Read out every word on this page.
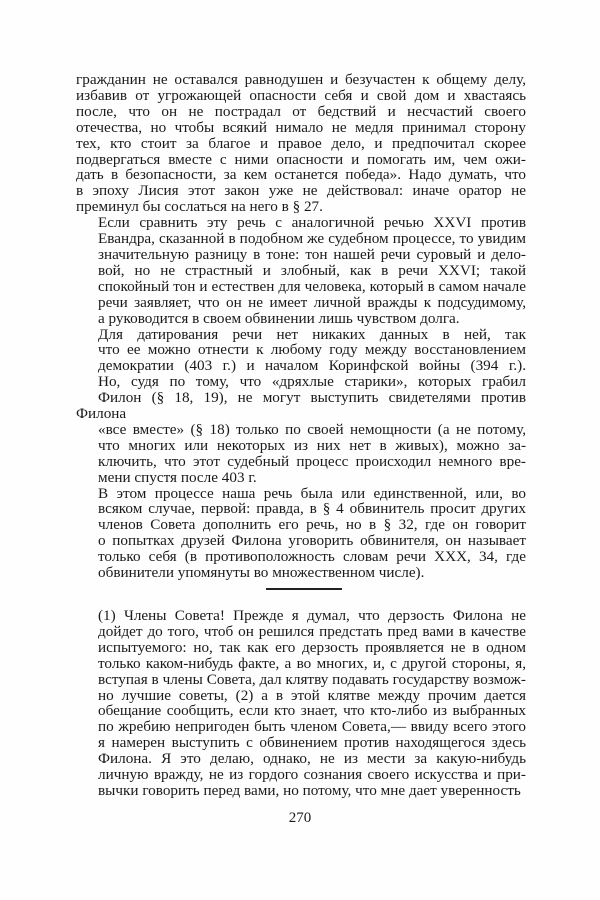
гражданин не оставался равнодушен и безучастен к общему делу,
избавив от угрожающей опасности себя и свой дом и хвастаясь
после, что он не пострадал от бедствий и несчастий своего
отечества, но чтобы всякий нимало не медля принимал сторону
тех, кто стоит за благое и правое дело, и предпочитал скорее
подвергаться вместе с ними опасности и помогать им, чем ожи-
дать в безопасности, за кем останется победа». Надо думать, что
в эпоху Лисия этот закон уже не действовал: иначе оратор не
преминул бы сослаться на него в § 27.

Если сравнить эту речь с аналогичной речью XXVI против
Евандра, сказанной в подобном же судебном процессе, то увидим
значительную разницу в тоне: тон нашей речи суровый и дело-
вой, но не страстный и злобный, как в речи XXVI; такой
спокойный тон и естествен для человека, который в самом начале
речи заявляет, что он не имеет личной вражды к подсудимому,
а руководится в своем обвинении лишь чувством долга.

Для датирования речи нет никаких данных в ней, так
что ее можно отнести к любому году между восстановлением
демократии (403 г.) и началом Коринфской войны (394 г.).
Но, судя по тому, что «дряхлые старики», которых грабил
Филон (§ 18, 19), не могут выступить свидетелями против Филона
«все вместе» (§ 18) только по своей немощности (а не потому,
что многих или некоторых из них нет в живых), можно за-
ключить, что этот судебный процесс происходил немного вре-
мени спустя после 403 г.

В этом процессе наша речь была или единственной, или, во
всяком случае, первой: правда, в § 4 обвинитель просит других
членов Совета дополнить его речь, но в § 32, где он говорит
о попытках друзей Филона уговорить обвинителя, он называет
только себя (в противоположность словам речи XXX, 34, где
обвинители упомянуты во множественном числе).

(1) Члены Совета! Прежде я думал, что дерзость Филона не
дойдет до того, чтоб он решился предстать пред вами в качестве
испытуемого: но, так как его дерзость проявляется не в одном
только каком-нибудь факте, а во многих, и, с другой стороны, я,
вступая в члены Совета, дал клятву подавать государству возмож-
но лучшие советы, (2) а в этой клятве между прочим дается
обещание сообщить, если кто знает, что кто-либо из выбранных
по жребию непригоден быть членом Совета,— ввиду всего этого
я намерен выступить с обвинением против находящегося здесь
Филона. Я это делаю, однако, не из мести за какую-нибудь
личную вражду, не из гордого сознания своего искусства и при-
вычки говорить перед вами, но потому, что мне дает уверенность

270
